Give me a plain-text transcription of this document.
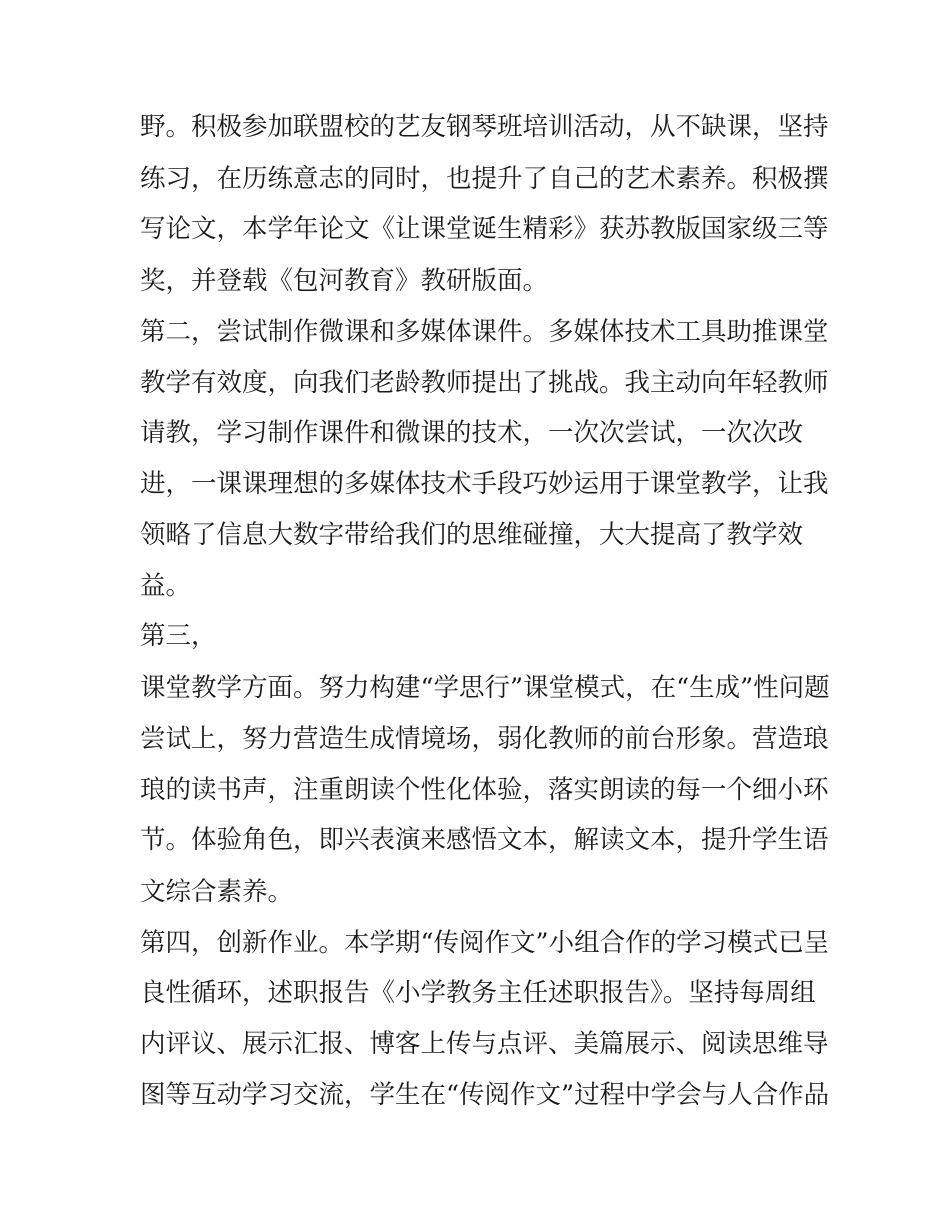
野。积极参加联盟校的艺友钢琴班培训活动，从不缺课，坚持
练习，在历练意志的同时，也提升了自己的艺术素养。积极撰
写论文，本学年论文《让课堂诞生精彩》获苏教版国家级三等
奖，并登载《包河教育》教研版面。
第二，尝试制作微课和多媒体课件。多媒体技术工具助推课堂
教学有效度，向我们老龄教师提出了挑战。我主动向年轻教师
请教，学习制作课件和微课的技术，一次次尝试，一次次改
进，一课课理想的多媒体技术手段巧妙运用于课堂教学，让我
领略了信息大数字带给我们的思维碰撞，大大提高了教学效
益。
第三，
课堂教学方面。努力构建“学思行”课堂模式，在“生成”性问题
尝试上，努力营造生成情境场，弱化教师的前台形象。营造琅
琅的读书声，注重朗读个性化体验，落实朗读的每一个细小环
节。体验角色，即兴表演来感悟文本，解读文本，提升学生语
文综合素养。
第四，创新作业。本学期“传阅作文”小组合作的学习模式已呈
良性循环，述职报告《小学教务主任述职报告》。坚持每周组
内评议、展示汇报、博客上传与点评、美篇展示、阅读思维导
图等互动学习交流，学生在“传阅作文”过程中学会与人合作品
